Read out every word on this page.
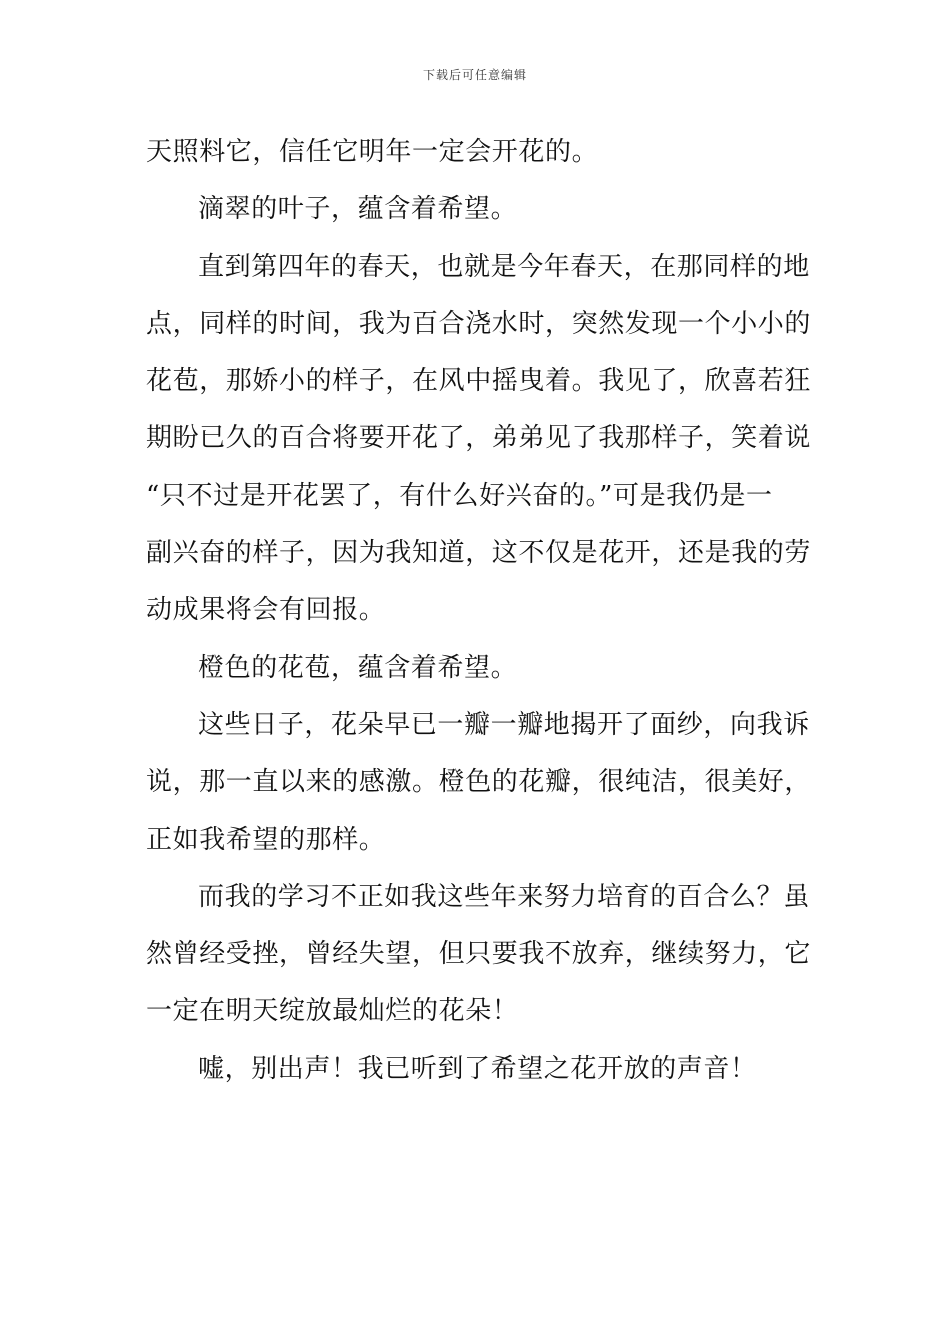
下载后可任意编辑
天照料它，信任它明年一定会开花的。
滴翠的叶子，蕴含着希望。
直到第四年的春天，也就是今年春天，在那同样的地
点，同样的时间，我为百合浇水时，突然发现一个小小的
花苞，那娇小的样子，在风中摇曳着。我见了，欣喜若狂
期盼已久的百合将要开花了，弟弟见了我那样子，笑着说
“只不过是开花罢了，有什么好兴奋的。”可是我仍是一
副兴奋的样子，因为我知道，这不仅是花开，还是我的劳
动成果将会有回报。
橙色的花苞，蕴含着希望。
这些日子，花朵早已一瓣一瓣地揭开了面纱，向我诉
说，那一直以来的感激。橙色的花瓣，很纯洁，很美好，
正如我希望的那样。
而我的学习不正如我这些年来努力培育的百合么？虽
然曾经受挫，曾经失望，但只要我不放弃，继续努力，它
一定在明天绽放最灿烂的花朵！
嘘，别出声！我已听到了希望之花开放的声音！
